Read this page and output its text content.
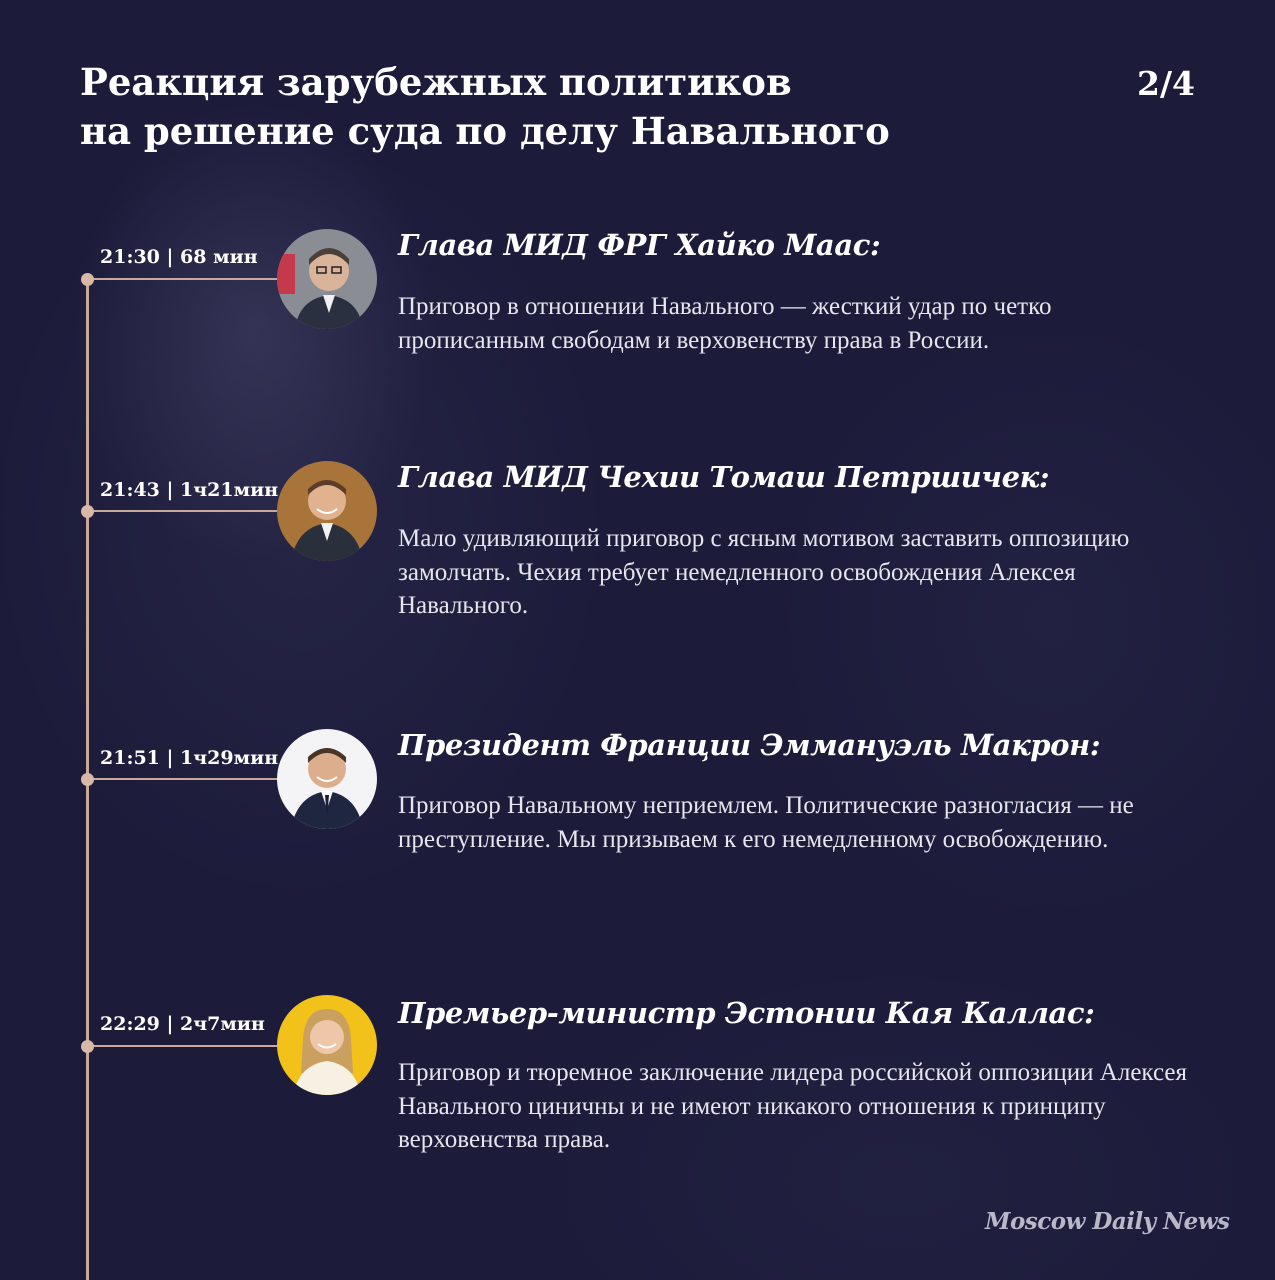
Реакция зарубежных политиков
на решение суда по делу Навального
2/4
21:30 | 68 мин	Глава МИД ФРГ Хайко Маас:

Приговор в отношении Навального — жесткий удар по четко прописанным свободам и верховенству права в России.

21:43 | 1ч21мин	Глава МИД Чехии Томаш Петршичек:

Мало удивляющий приговор с ясным мотивом заставить оппозицию замолчать. Чехия требует немедленного освобождения Алексея Навального.

21:51 | 1ч29мин	Президент Франции Эммануэль Макрон:

Приговор Навальному неприемлем. Политические разногласия — не преступление. Мы призываем к его немедленному освобождению.

22:29 | 2ч7мин	Премьер-министр Эстонии Кая Каллас:

Приговор и тюремное заключение лидера российской оппозиции Алексея Навального циничны и не имеют никакого отношения к принципу верховенства права.

Moscow Daily News
